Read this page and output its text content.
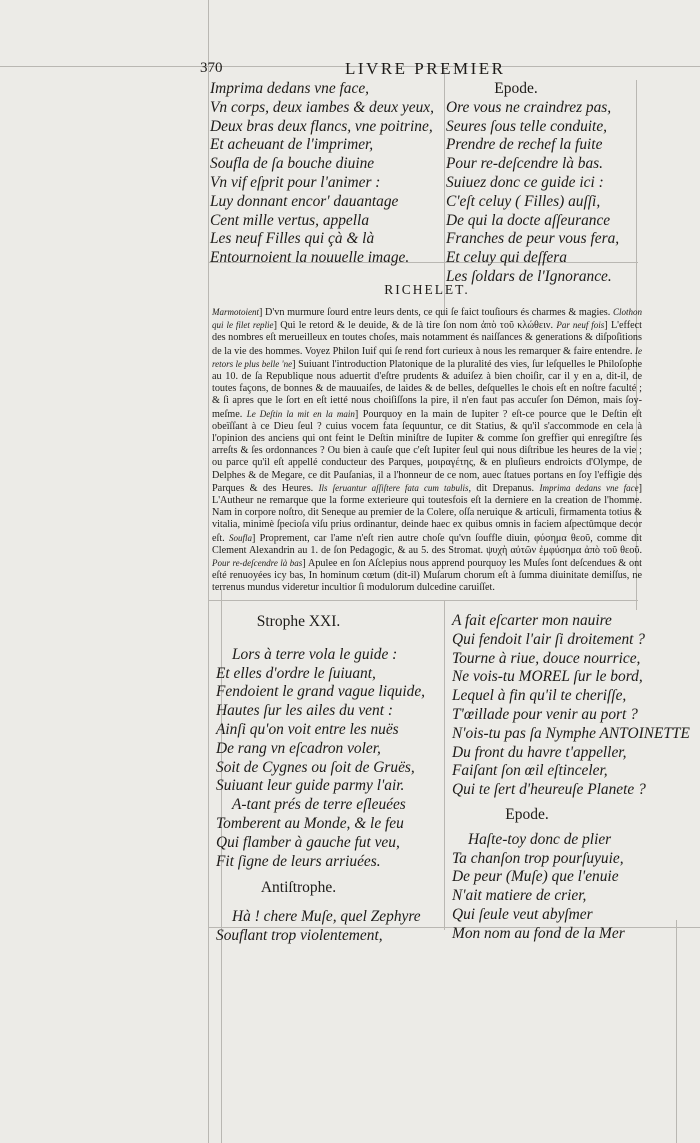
370	LIVRE PREMIER
Imprima dedans vne face,
Vn corps, deux iambes & deux yeux,
Deux bras deux flancs, vne poitrine,
Et acheuant de l'imprimer,
Soufla de ſa bouche diuine
Vn vif eſprit pour l'animer :
Luy donnant encor' dauantage
Cent mille vertus, appella
Les neuf Filles qui çà & là
Entournoient la nouuelle image.
Epode.
Ore vous ne craindrez pas,
Seures ſous telle conduite,
Prendre de rechef la fuite
Pour re-deſcendre là bas.
Suiuez donc ce guide ici :
C'eſt celuy ( Filles) auſſi,
De qui la docte aſſeurance
Franches de peur vous fera,
Et celuy qui deſfera
Les ſoldars de l'Ignorance.
RICHELET.

Marmotoient] D'vn murmure ſourd entre leurs dents, ce qui ſe faict touſiours és charmes & magies. Clothon qui le filet replie] Qui le retord & le deuide, & de là tire ſon nom ἀπὸ τοῦ κλώθειν. Par neuf fois] L'effect des nombres eſt merueilleux en toutes choſes, mais notamment és naiſſances & generations & diſpoſitions de la vie des hommes. Voyez Philon Iuif qui ſe rend fort curieux à nous les remarquer & faire entendre. Ie retors le plus belle 'ne] Suiuant l'introduction Platonique de la pluralité des vies, ſur leſquelles le Philoſophe au 10. de ſa Republique nous aduertit d'eſtre prudents & aduiſez à bien choiſir, car il y en a, dit-il, de toutes façons, de bonnes & de mauuaiſes, de laides & de belles, deſquelles le chois eſt en noſtre faculté ; & ſi apres que le ſort en eſt ietté nous choiſiſſons la pire, il n'en faut pas accuſer ſon Démon, mais ſoy-meſme. Le Deſtin la mit en la main] Pourquoy en la main de Iupiter ? eſt-ce pource que le Deſtin eſt obeïſſant à ce Dieu ſeul ? cuius vocem fata ſequuntur, ce dit Statius, & qu'il s'accommode en cela à l'opinion des anciens qui ont feint le Deſtin miniſtre de Iupiter & comme ſon greffier qui enregiſtre ſes arreſts & ſes ordonnances ? Ou bien à cauſe que c'eſt Iupiter ſeul qui nous diſtribue les heures de la vie ; ou parce qu'il eſt appellé conducteur des Parques, μοιραγέτης, & en pluſieurs endroicts d'Olympe, de Delphes & de Megare, ce dit Pauſanias, il a l'honneur de ce nom, auec ſtatues portans en ſoy l'effigie des Parques & des Heures. Ils ſeruantur aſſiſtere fata cum tabulis, dit Drepanus. Imprima dedans vne face] L'Autheur ne remarque que la forme exterieure qui toutesfois eſt la derniere en la creation de l'homme. Nam in corpore noſtro, dit Seneque au premier de la Colere, oſſa neruique & articuli, firmamenta totius & vitalia, minimè ſpecioſa viſu prius ordinantur, deinde haec ex quibus omnis in faciem aſpectûmque decor eſt. Soufla] Proprement, car l'ame n'eſt rien autre choſe qu'vn ſouffle diuin, φύσημα θεοῦ, comme dit Clement Alexandrin au 1. de ſon Pedagogic, & au 5. des Stromat. ψυχὴ αὐτῶν ἐμφύσημα ἀπὸ τοῦ θεοῦ. Pour re-deſcendre là bas] Apulee en ſon Aſclepius nous apprend pourquoy les Muſes ſont deſcendues & ont eſté renuoyées icy bas, In hominum cœtum (dit-il) Muſarum chorum eſt à ſumma diuinitate demiſſus, ne terrenus mundus videretur incultior ſi modulorum dulcedine caruiſſet.

Strophe XXI.
Lors à terre vola le guide :
Et elles d'ordre le ſuiuant,
Fendoient le grand vague liquide,
Hautes ſur les ailes du vent :
Ainſi qu'on voit entre les nuës
De rang vn eſcadron voler,
Soit de Cygnes ou ſoit de Gruës,
Suiuant leur guide parmy l'air.
A-tant prés de terre eſleuées
Tomberent au Monde, & le feu
Qui flamber à gauche fut veu,
Fit ſigne de leurs arriuées.
Antiſtrophe.
Hà ! chere Muſe, quel Zephyre
Souflant trop violentement,
A fait eſcarter mon nauire
Qui fendoit l'air ſi droitement ?
Tourne à riue, douce nourrice,
Ne vois-tu MOREL ſur le bord,
Lequel à fin qu'il te cheriſſe,
T'œillade pour venir au port ?
N'ois-tu pas ſa Nymphe ANTOINETTE
Du front du havre t'appeller,
Faiſant ſon œil eſtinceler,
Qui te ſert d'heureuſe Planete ?
Epode.
Haſte-toy donc de plier
Ta chanſon trop pourſuyuie,
De peur (Muſe) que l'enuie
N'ait matiere de crier,
Qui ſeule veut abyſmer
Mon nom au fond de la Mer
